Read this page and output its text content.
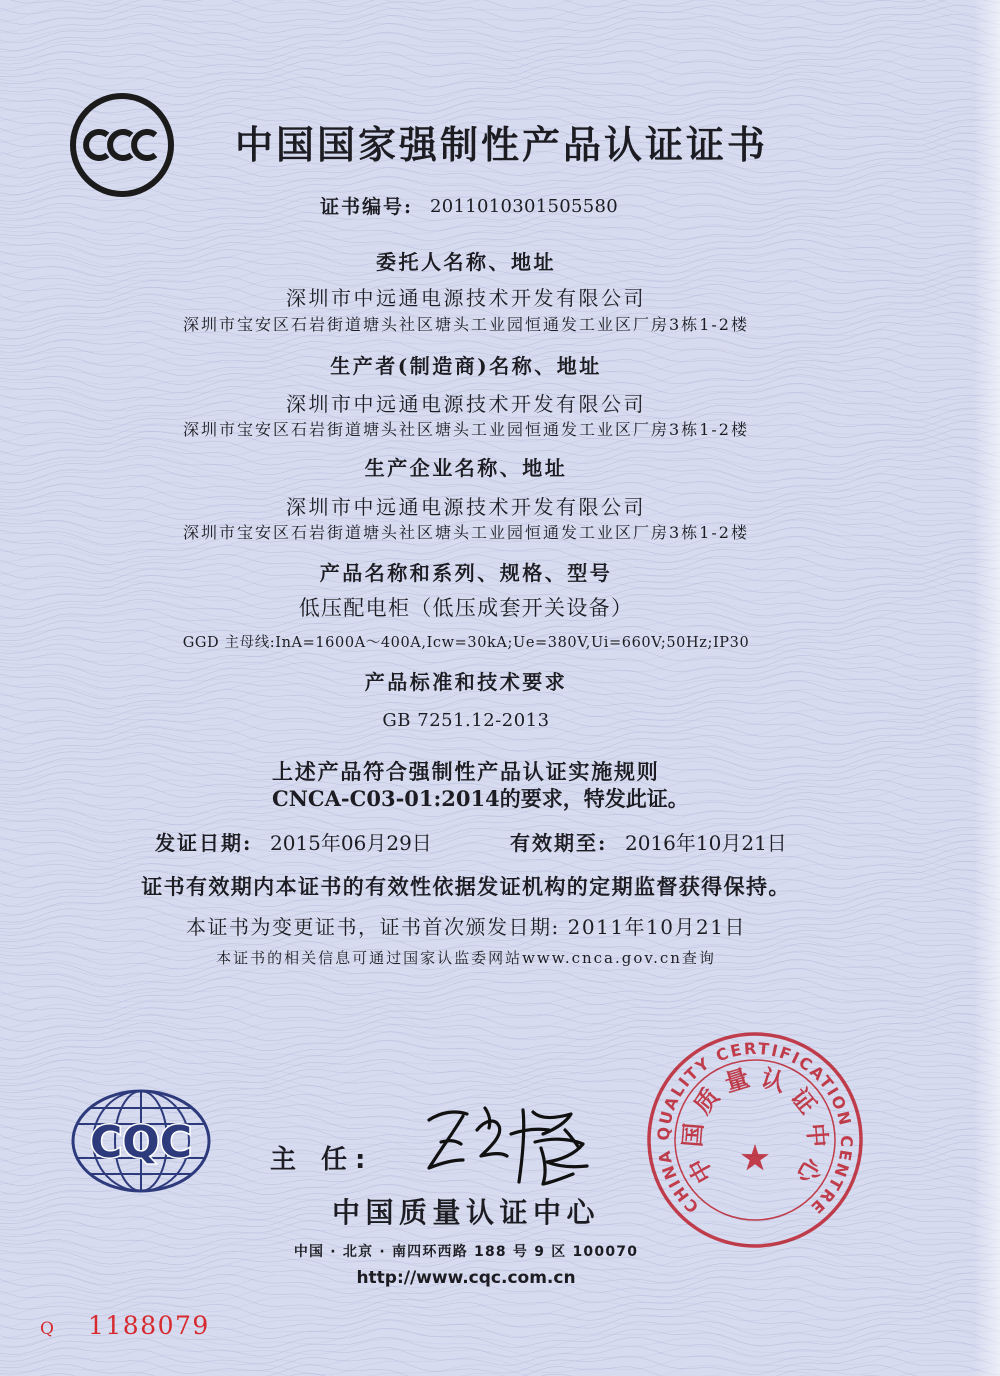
中国国家强制性产品认证证书
证书编号: 2011010301505580
委托人名称、地址
深圳市中远通电源技术开发有限公司
深圳市宝安区石岩街道塘头社区塘头工业园恒通发工业区厂房3栋1-2楼
生产者(制造商)名称、地址
深圳市中远通电源技术开发有限公司
深圳市宝安区石岩街道塘头社区塘头工业园恒通发工业区厂房3栋1-2楼
生产企业名称、地址
深圳市中远通电源技术开发有限公司
深圳市宝安区石岩街道塘头社区塘头工业园恒通发工业区厂房3栋1-2楼
产品名称和系列、规格、型号
低压配电柜（低压成套开关设备）
GGD 主母线:InA=1600A～400A,Icw=30kA;Ue=380V,Ui=660V;50Hz;IP30
产品标准和技术要求
GB 7251.12-2013
上述产品符合强制性产品认证实施规则
CNCA-C03-01:2014的要求，特发此证。
发证日期: 2015年06月29日	有效期至: 2016年10月21日
证书有效期内本证书的有效性依据发证机构的定期监督获得保持。
本证书为变更证书，证书首次颁发日期: 2011年10月21日
本证书的相关信息可通过国家认监委网站www.cnca.gov.cn查询
CQC	主 任:
中国质量认证中心
中国 · 北京 · 南四环西路 188 号 9 区 100070
http://www.cqc.com.cn
CHINA QUALITY CERTIFICATION CENTRE
中国质量认证中心
Q 1188079
